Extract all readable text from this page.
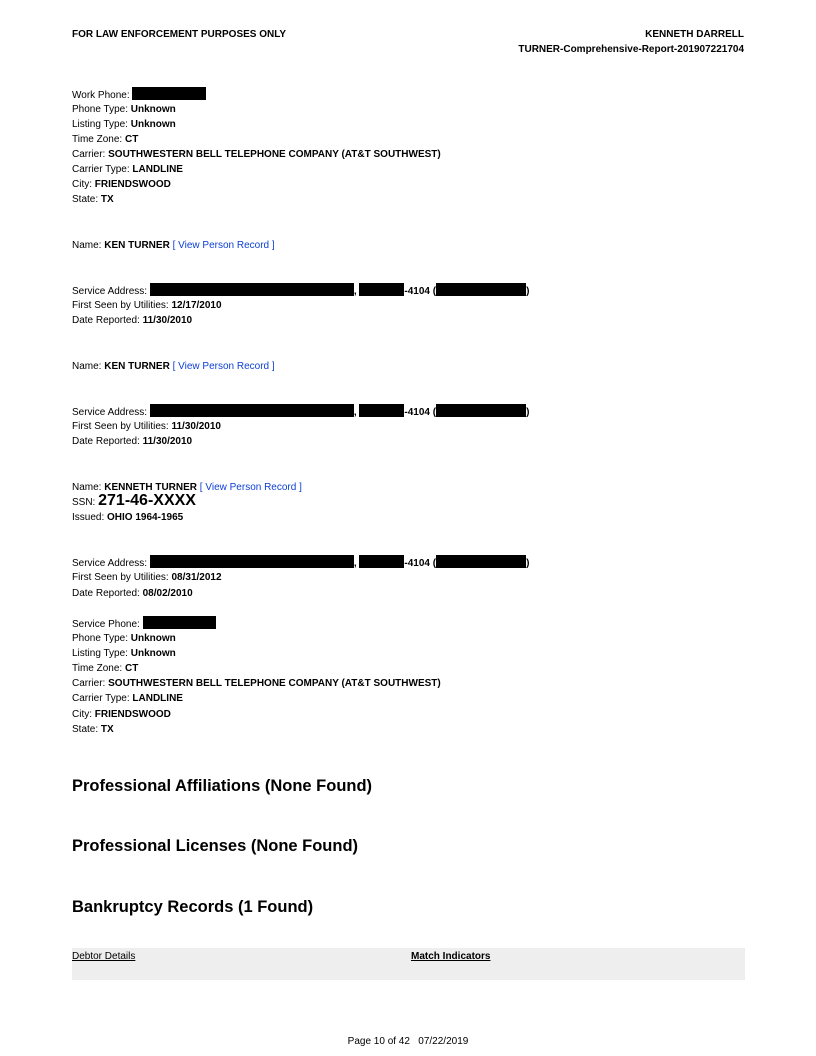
FOR LAW ENFORCEMENT PURPOSES ONLY	KENNETH DARRELL
TURNER-Comprehensive-Report-201907221704
Work Phone:
Phone Type: Unknown
Listing Type: Unknown
Time Zone: CT
Carrier: SOUTHWESTERN BELL TELEPHONE COMPANY (AT&T SOUTHWEST)
Carrier Type: LANDLINE
City: FRIENDSWOOD
State: TX
Name: KEN TURNER [ View Person Record ]
Service Address:	,	-4104 (	)
First Seen by Utilities: 12/17/2010
Date Reported: 11/30/2010
Name: KEN TURNER [ View Person Record ]
Service Address:	,	-4104 (	)
First Seen by Utilities: 11/30/2010
Date Reported: 11/30/2010
Name: KENNETH TURNER [ View Person Record ]
SSN: 271-46-XXXX
Issued: OHIO 1964-1965
Service Address:	,	-4104 (	)
First Seen by Utilities: 08/31/2012
Date Reported: 08/02/2010
Service Phone:
Phone Type: Unknown
Listing Type: Unknown
Time Zone: CT
Carrier: SOUTHWESTERN BELL TELEPHONE COMPANY (AT&T SOUTHWEST)
Carrier Type: LANDLINE
City: FRIENDSWOOD
State: TX
Professional Affiliations (None Found)
Professional Licenses (None Found)
Bankruptcy Records (1 Found)
Debtor Details	Match Indicators
Page 10 of 42 07/22/2019
